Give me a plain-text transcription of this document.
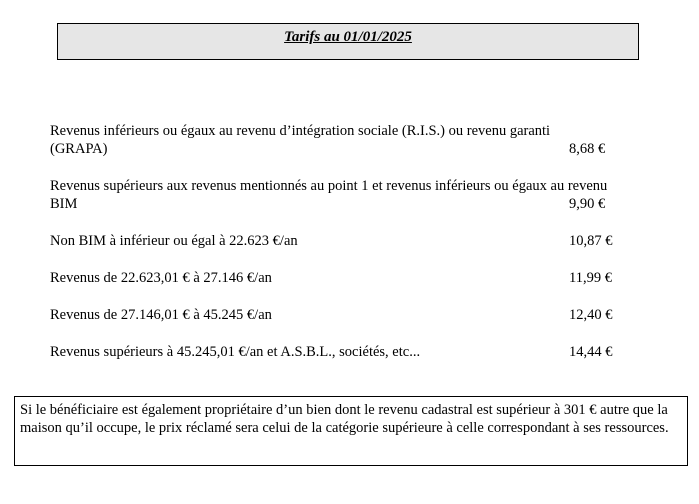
Tarifs au 01/01/2025
Revenus inférieurs ou égaux au revenu d’intégration sociale (R.I.S.) ou revenu garanti (GRAPA)	8,68 €
Revenus supérieurs aux revenus mentionnés au point 1 et revenus inférieurs ou égaux au revenu BIM	9,90 €
Non BIM à inférieur ou égal à 22.623 €/an	10,87 €
Revenus de 22.623,01 € à 27.146 €/an	11,99 €
Revenus de 27.146,01 € à 45.245 €/an	12,40 €
Revenus supérieurs à 45.245,01 €/an et A.S.B.L., sociétés, etc...	14,44 €
Si le bénéficiaire est également propriétaire d’un bien dont le revenu cadastral est supérieur à 301 € autre que la maison qu’il occupe, le prix réclamé sera celui de la catégorie supérieure à celle correspondant à ses ressources.
